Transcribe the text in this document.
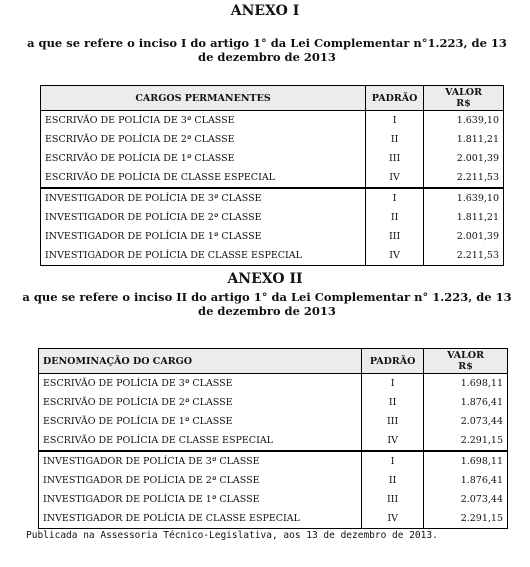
ANEXO I
a que se refere o inciso I do artigo 1° da Lei Complementar n°1.223, de 13 de dezembro de 2013
CARGOS PERMANENTES	PADRÃO	VALOR
R$

ESCRIVÃO DE POLÍCIA DE 3ª CLASSE	I	1.639,10
ESCRIVÃO DE POLÍCIA DE 2ª CLASSE	II	1.811,21
ESCRIVÃO DE POLÍCIA DE 1ª CLASSE	III	2.001,39
ESCRIVÃO DE POLÍCIA DE CLASSE ESPECIAL	IV	2.211,53
INVESTIGADOR DE POLÍCIA DE 3ª CLASSE	I	1.639,10
INVESTIGADOR DE POLÍCIA DE 2ª CLASSE	II	1.811,21
INVESTIGADOR DE POLÍCIA DE 1ª CLASSE	III	2.001,39
INVESTIGADOR DE POLÍCIA DE CLASSE ESPECIAL	IV	2.211,53
ANEXO II
a que se refere o inciso II do artigo 1° da Lei Complementar n° 1.223, de 13 de dezembro de 2013
DENOMINAÇÃO DO CARGO	PADRÃO	VALOR
R$

ESCRIVÃO DE POLÍCIA DE 3ª CLASSE	I	1.698,11
ESCRIVÃO DE POLÍCIA DE 2ª CLASSE	II	1.876,41
ESCRIVÃO DE POLÍCIA DE 1ª CLASSE	III	2.073,44
ESCRIVÃO DE POLÍCIA DE CLASSE ESPECIAL	IV	2.291,15
INVESTIGADOR DE POLÍCIA DE 3ª CLASSE	I	1.698,11
INVESTIGADOR DE POLÍCIA DE 2ª CLASSE	II	1.876,41
INVESTIGADOR DE POLÍCIA DE 1ª CLASSE	III	2.073,44
INVESTIGADOR DE POLÍCIA DE CLASSE ESPECIAL	IV	2.291,15
Publicada na Assessoria Técnico-Legislativa, aos 13 de dezembro de 2013.
